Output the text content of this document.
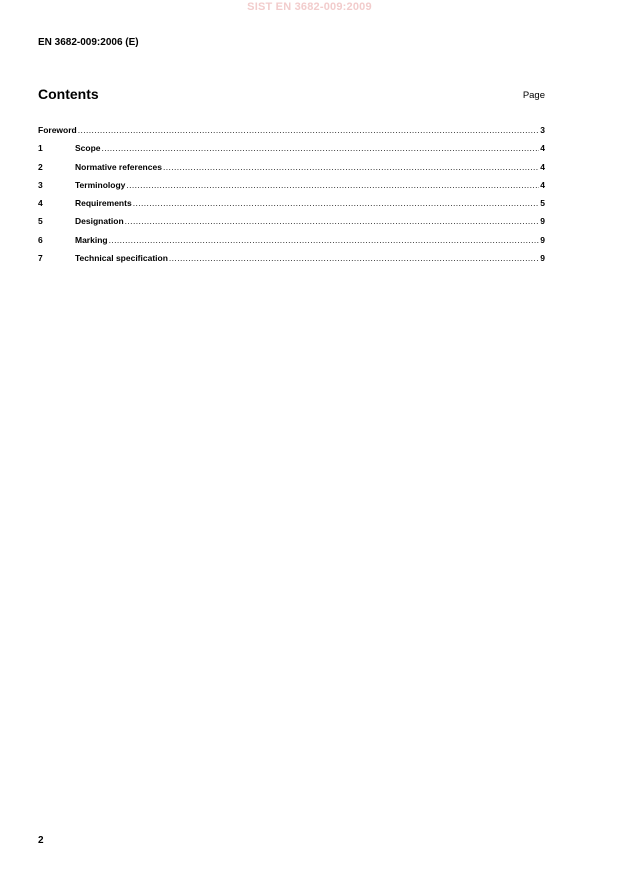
SIST EN 3682-009:2009
EN 3682-009:2006 (E)
Contents	Page
Foreword .....	3
1	Scope .....	4
2	Normative references .....	4
3	Terminology .....	4
4	Requirements .....	5
5	Designation .....	9
6	Marking .....	9
7	Technical specification .....	9
2
